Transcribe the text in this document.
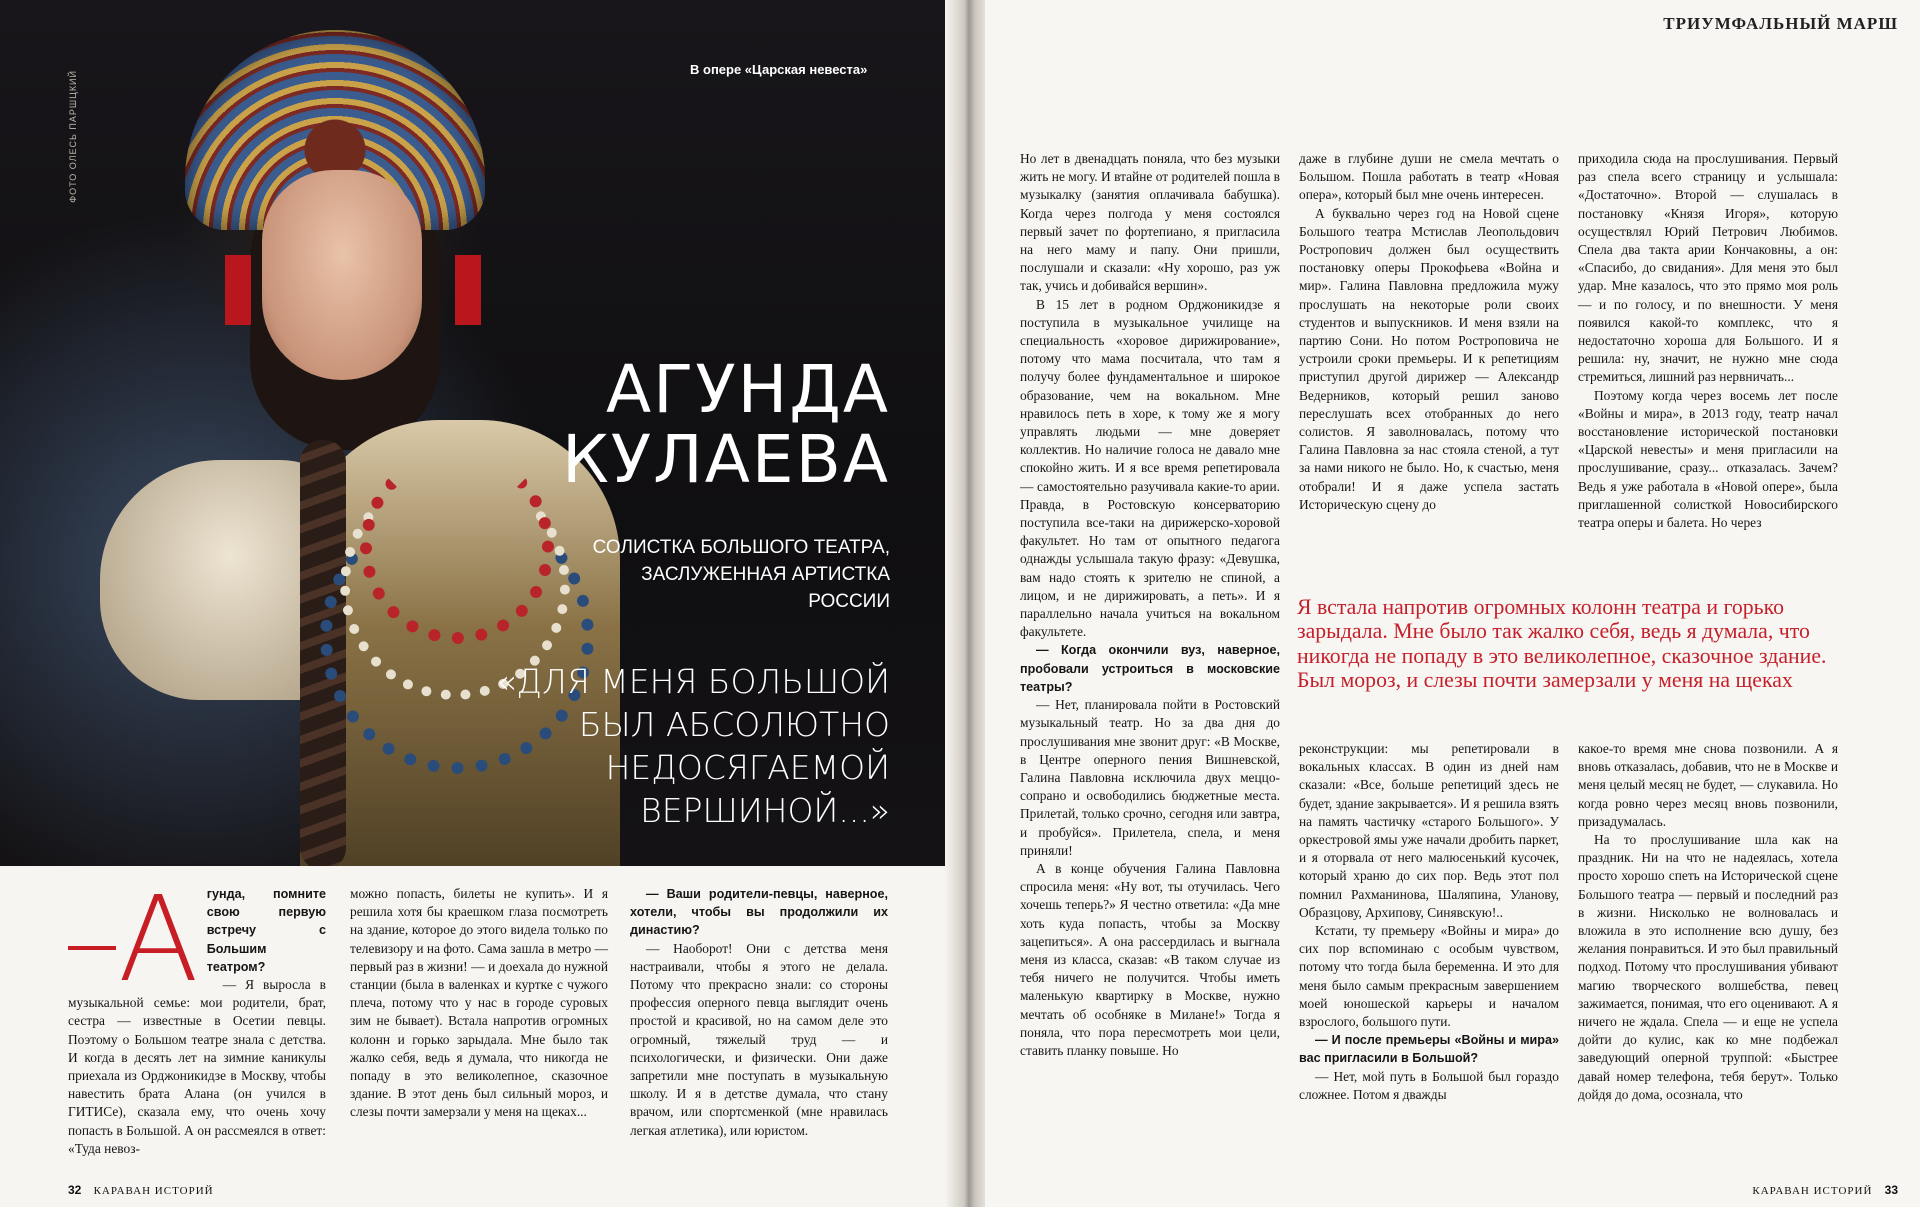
ФОТО ОЛЕСЬ ПАРШЦКИЙ
В опере «Царская невеста»
АГУНДА
КУЛАЕВА
СОЛИСТКА БОЛЬШОГО ТЕАТРА, ЗАСЛУЖЕННАЯ АРТИСТКА РОССИИ
«ДЛЯ МЕНЯ БОЛЬШОЙ БЫЛ АБСОЛЮТНО НЕДОСЯГАЕМОЙ ВЕРШИНОЙ...»

Агунда, помните свою первую встречу с Большим театром?

— Я выросла в музыкальной семье: мои родители, брат, сестра — известные в Осетии певцы. Поэтому о Большом театре знала с детства. И когда в десять лет на зимние каникулы приехала из Орджоникидзе в Москву, чтобы навестить брата Алана (он учился в ГИТИСе), сказала ему, что очень хочу попасть в Большой. А он рассмеялся в ответ: «Туда невоз-

можно попасть, билеты не купить». И я решила хотя бы краешком глаза посмотреть на здание, которое до этого видела только по телевизору и на фото. Сама зашла в метро — первый раз в жизни! — и доехала до нужной станции (была в валенках и куртке с чужого плеча, потому что у нас в городе суровых зим не бывает). Встала напротив огромных колонн и горько зарыдала. Мне было так жалко себя, ведь я думала, что никогда не попаду в это великолепное, сказочное здание. В этот день был сильный мороз, и слезы почти замерзали у меня на щеках...

— Ваши родители-певцы, наверное, хотели, чтобы вы продолжили их династию?

— Наоборот! Они с детства меня настраивали, чтобы я этого не делала. Потому что прекрасно знали: со стороны профессия оперного певца выглядит очень простой и красивой, но на самом деле это огромный, тяжелый труд — и психологически, и физически. Они даже запретили мне поступать в музыкальную школу. И я в детстве думала, что стану врачом, или спортсменкой (мне нравилась легкая атлетика), или юристом.

32 КАРАВАН ИСТОРИЙ
ТРИУМФАЛЬНЫЙ МАРШ

Но лет в двенадцать поняла, что без музыки жить не могу. И втайне от родителей пошла в музыкалку (занятия оплачивала бабушка). Когда через полгода у меня состоялся первый зачет по фортепиано, я пригласила на него маму и папу. Они пришли, послушали и сказали: «Ну хорошо, раз уж так, учись и добивайся вершин».

В 15 лет в родном Орджоникидзе я поступила в музыкальное училище на специальность «хоровое дирижирование», потому что мама посчитала, что там я получу более фундаментальное и широкое образование, чем на вокальном. Мне нравилось петь в хоре, к тому же я могу управлять людьми — мне доверяет коллектив. Но наличие голоса не давало мне спокойно жить. И я все время репетировала — самостоятельно разучивала какие-то арии. Правда, в Ростовскую консерваторию поступила все-таки на дирижерско-хоровой факультет. Но там от опытного педагога однажды услышала такую фразу: «Девушка, вам надо стоять к зрителю не спиной, а лицом, и не дирижировать, а петь». И я параллельно начала учиться на вокальном факультете.

— Когда окончили вуз, наверное, пробовали устроиться в московские театры?

— Нет, планировала пойти в Ростовский музыкальный театр. Но за два дня до прослушивания мне звонит друг: «В Москве, в Центре оперного пения Вишневской, Галина Павловна исключила двух меццо-сопрано и освободились бюджетные места. Прилетай, только срочно, сегодня или завтра, и пробуйся». Прилетела, спела, и меня приняли!

А в конце обучения Галина Павловна спросила меня: «Ну вот, ты отучилась. Чего хочешь теперь?» Я честно ответила: «Да мне хоть куда попасть, чтобы за Москву зацепиться». А она рассердилась и выгнала меня из класса, сказав: «В таком случае из тебя ничего не получится. Чтобы иметь маленькую квартирку в Москве, нужно мечтать об особняке в Милане!» Тогда я поняла, что пора пересмотреть мои цели, ставить планку повыше. Но

даже в глубине души не смела мечтать о Большом. Пошла работать в театр «Новая опера», который был мне очень интересен.

А буквально через год на Новой сцене Большого театра Мстислав Леопольдович Ростропович должен был осуществить постановку оперы Прокофьева «Война и мир». Галина Павловна предложила мужу прослушать на некоторые роли своих студентов и выпускников. И меня взяли на партию Сони. Но потом Ростроповича не устроили сроки премьеры. И к репетициям приступил другой дирижер — Александр Ведерников, который решил заново переслушать всех отобранных до него солистов. Я заволновалась, потому что Галина Павловна за нас стояла стеной, а тут за нами никого не было. Но, к счастью, меня отобрали! И я даже успела застать Историческую сцену до

приходила сюда на прослушивания. Первый раз спела всего страницу и услышала: «Достаточно». Второй — слушалась в постановку «Князя Игоря», которую осуществлял Юрий Петрович Любимов. Спела два такта арии Кончаковны, а он: «Спасибо, до свидания». Для меня это был удар. Мне казалось, что это прямо моя роль — и по голосу, и по внешности. У меня появился какой-то комплекс, что я недостаточно хороша для Большого. И я решила: ну, значит, не нужно мне сюда стремиться, лишний раз нервничать...

Поэтому когда через восемь лет после «Войны и мира», в 2013 году, театр начал восстановление исторической постановки «Царской невесты» и меня пригласили на прослушивание, сразу... отказалась. Зачем? Ведь я уже работала в «Новой опере», была приглашенной солисткой Новосибирского театра оперы и балета. Но через

Я встала напротив огромных колонн театра и горько зарыдала. Мне было так жалко себя, ведь я думала, что никогда не попаду в это великолепное, сказочное здание. Был мороз, и слезы почти замерзали у меня на щеках

реконструкции: мы репетировали в вокальных классах. В один из дней нам сказали: «Все, больше репетиций здесь не будет, здание закрывается». И я решила взять на память частичку «старого Большого». У оркестровой ямы уже начали дробить паркет, и я оторвала от него малюсенький кусочек, который храню до сих пор. Ведь этот пол помнил Рахманинова, Шаляпина, Уланову, Образцову, Архипову, Синявскую!..

Кстати, ту премьеру «Войны и мира» до сих пор вспоминаю с особым чувством, потому что тогда была беременна. И это для меня было самым прекрасным завершением моей юношеской карьеры и началом взрослого, большого пути.

— И после премьеры «Войны и мира» вас пригласили в Большой?

— Нет, мой путь в Большой был гораздо сложнее. Потом я дважды

какое-то время мне снова позвонили. А я вновь отказалась, добавив, что не в Москве и меня целый месяц не будет, — слукавила. Но когда ровно через месяц вновь позвонили, призадумалась.

На то прослушивание шла как на праздник. Ни на что не надеялась, хотела просто хорошо спеть на Исторической сцене Большого театра — первый и последний раз в жизни. Нисколько не волновалась и вложила в это исполнение всю душу, без желания понравиться. И это был правильный подход. Потому что прослушивания убивают магию творческого волшебства, певец зажимается, понимая, что его оценивают. А я ничего не ждала. Спела — и еще не успела дойти до кулис, как ко мне подбежал заведующий оперной труппой: «Быстрее давай номер телефона, тебя берут». Только дойдя до дома, осознала, что

КАРАВАН ИСТОРИЙ 33
